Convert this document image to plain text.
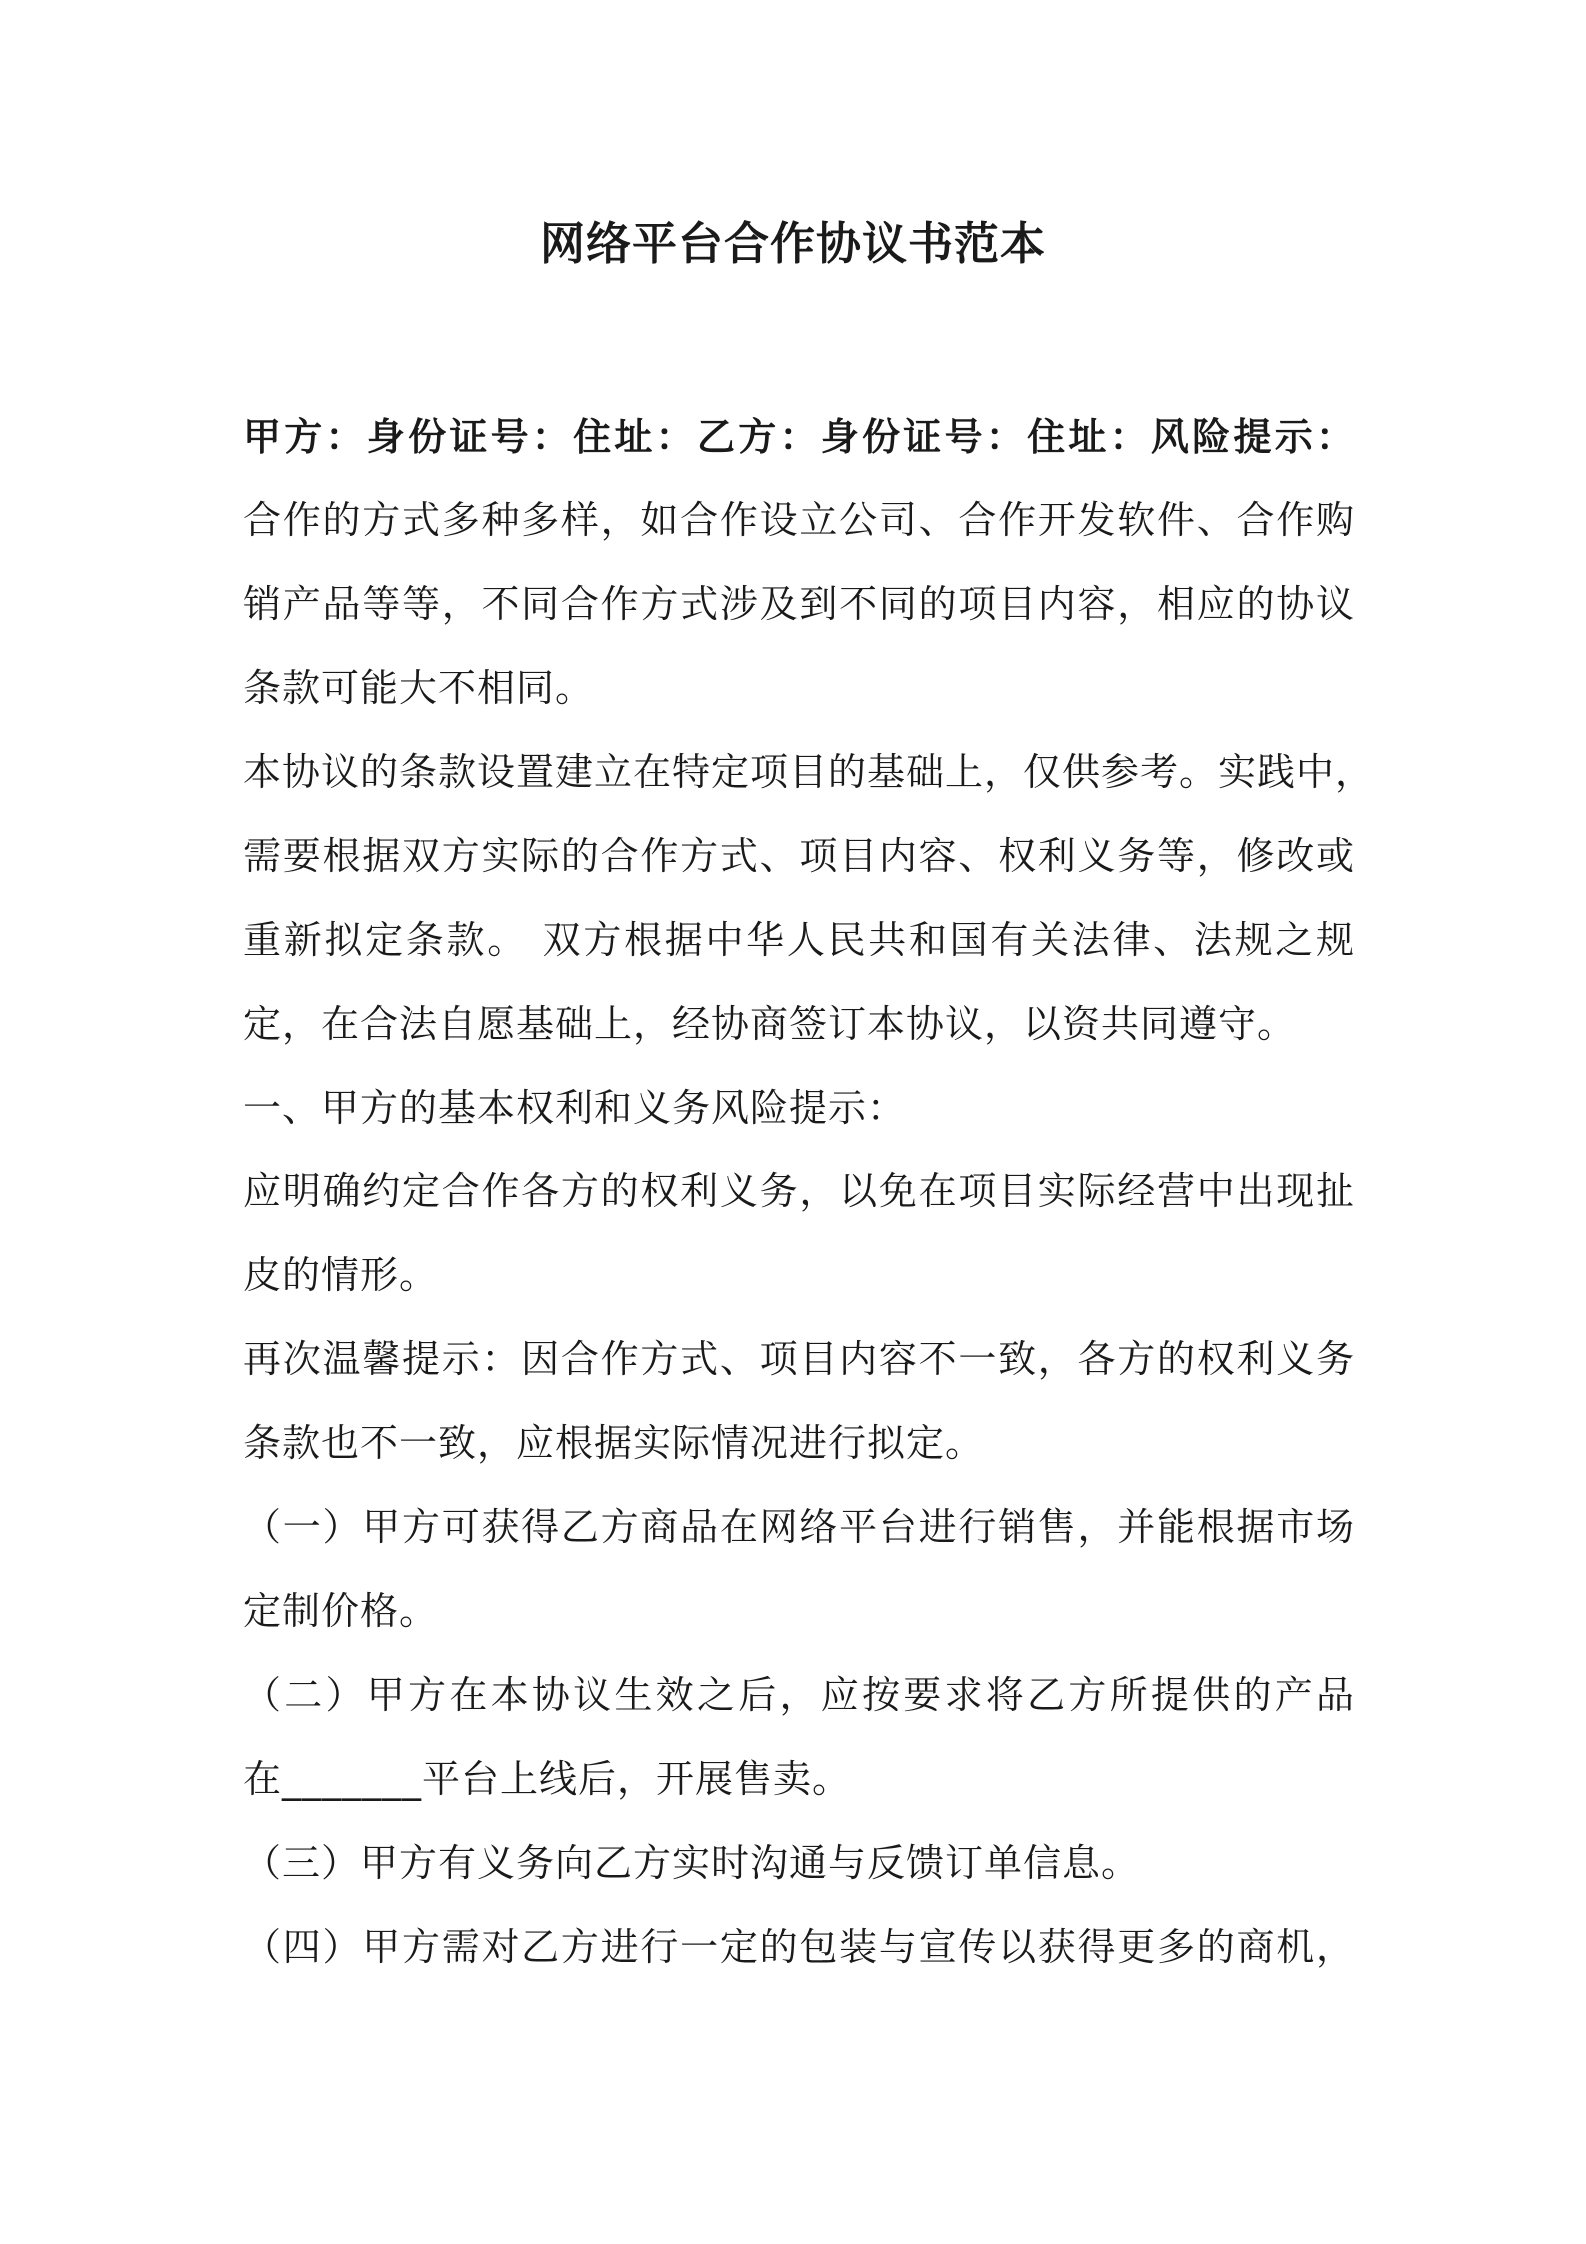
网络平台合作协议书范本

甲方：身份证号：住址：乙方：身份证号：住址：风险提示：

合作的方式多种多样，如合作设立公司、合作开发软件、合作购

销产品等等，不同合作方式涉及到不同的项目内容，相应的协议

条款可能大不相同。

本协议的条款设置建立在特定项目的基础上，仅供参考。实践中，

需要根据双方实际的合作方式、项目内容、权利义务等，修改或

重新拟定条款。 双方根据中华人民共和国有关法律、法规之规

定，在合法自愿基础上，经协商签订本协议，以资共同遵守。

一、甲方的基本权利和义务风险提示：

应明确约定合作各方的权利义务，以免在项目实际经营中出现扯

皮的情形。

再次温馨提示：因合作方式、项目内容不一致，各方的权利义务

条款也不一致，应根据实际情况进行拟定。

（一）甲方可获得乙方商品在网络平台进行销售，并能根据市场

定制价格。

（二）甲方在本协议生效之后，应按要求将乙方所提供的产品

在_______平台上线后，开展售卖。

（三）甲方有义务向乙方实时沟通与反馈订单信息。

（四）甲方需对乙方进行一定的包装与宣传以获得更多的商机，
